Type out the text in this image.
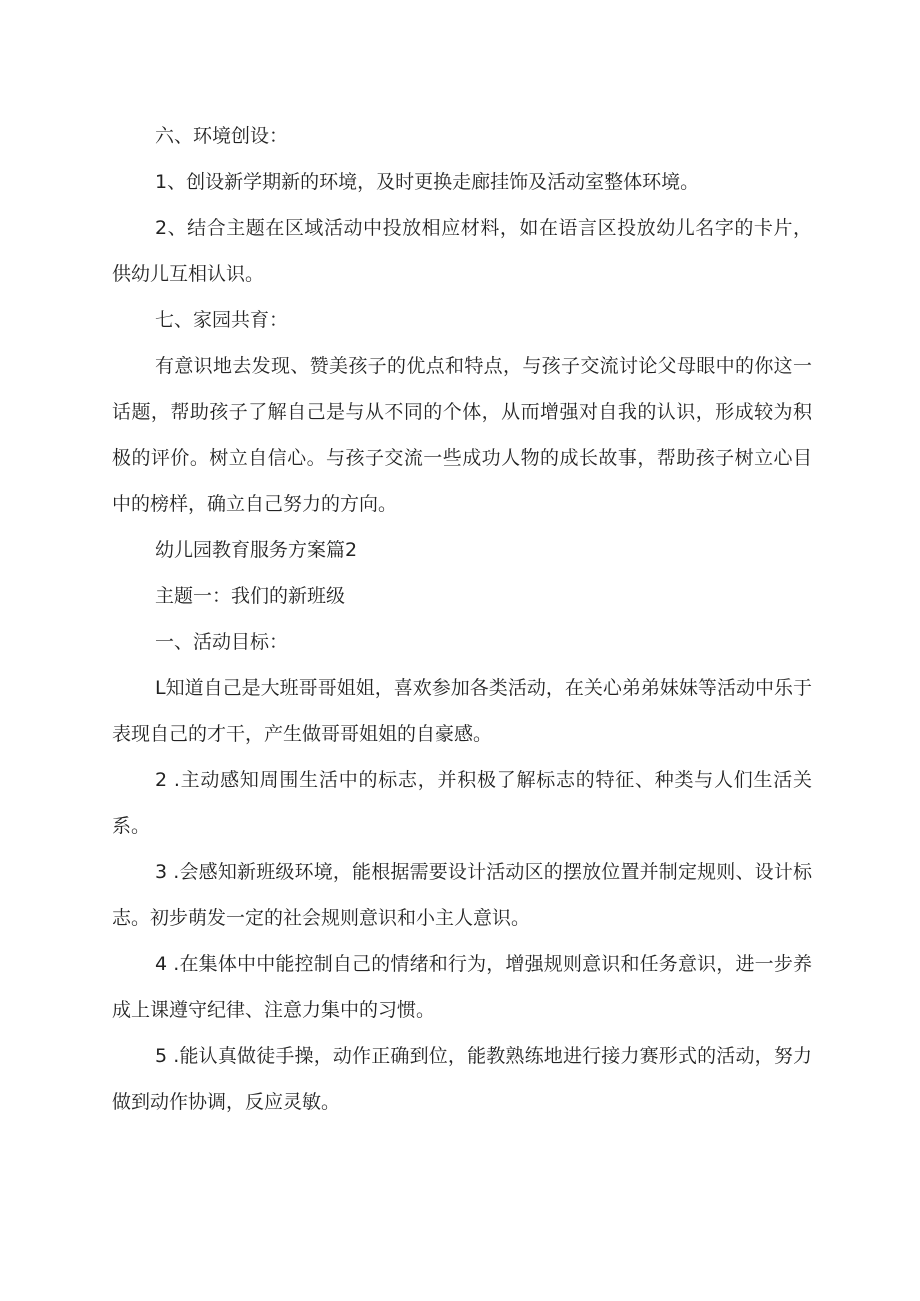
六、环境创设：

1、创设新学期新的环境，及时更换走廊挂饰及活动室整体环境。

2、结合主题在区域活动中投放相应材料，如在语言区投放幼儿名字的卡片，供幼儿互相认识。

七、家园共育：

有意识地去发现、赞美孩子的优点和特点，与孩子交流讨论父母眼中的你这一话题，帮助孩子了解自己是与从不同的个体，从而增强对自我的认识，形成较为积极的评价。树立自信心。与孩子交流一些成功人物的成长故事，帮助孩子树立心目中的榜样，确立自己努力的方向。

幼儿园教育服务方案篇2

主题一：我们的新班级

一、活动目标：

L知道自己是大班哥哥姐姐，喜欢参加各类活动，在关心弟弟妹妹等活动中乐于表现自己的才干，产生做哥哥姐姐的自豪感。

2 .主动感知周围生活中的标志，并积极了解标志的特征、种类与人们生活关系。

3 .会感知新班级环境，能根据需要设计活动区的摆放位置并制定规则、设计标志。初步萌发一定的社会规则意识和小主人意识。

4 .在集体中中能控制自己的情绪和行为，增强规则意识和任务意识，进一步养成上课遵守纪律、注意力集中的习惯。

5 .能认真做徒手操，动作正确到位，能教熟练地进行接力赛形式的活动，努力做到动作协调，反应灵敏。
